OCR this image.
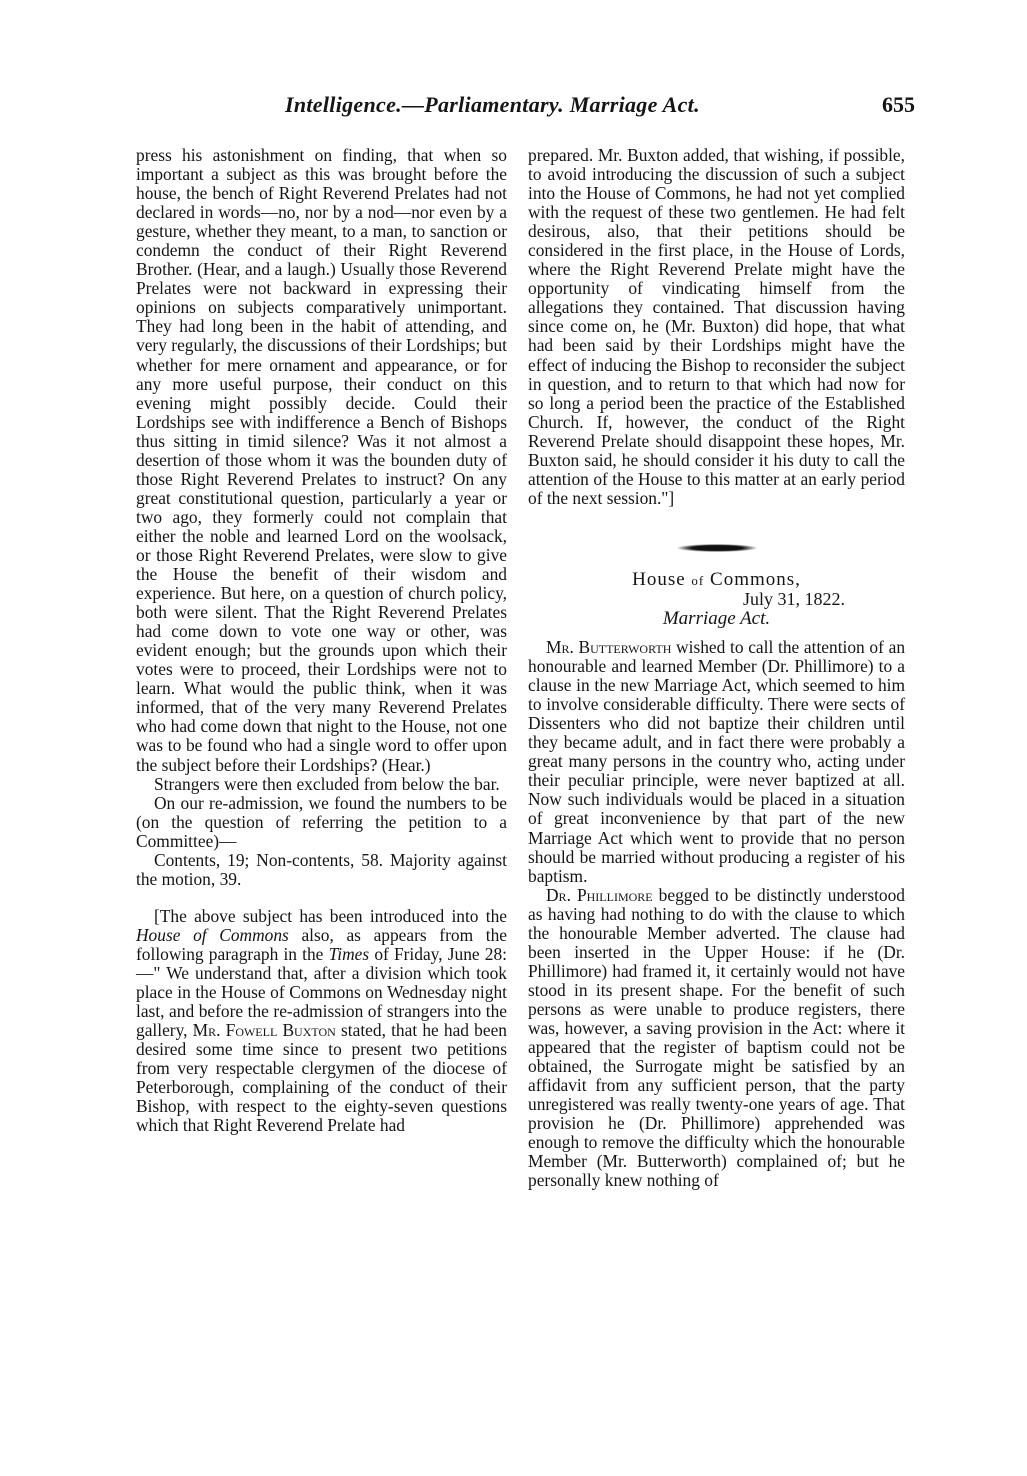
Intelligence.—Parliamentary. Marriage Act.	655

press his astonishment on finding, that when so important a subject as this was brought before the house, the bench of Right Reverend Prelates had not declared in words—no, nor by a nod—nor even by a gesture, whether they meant, to a man, to sanction or condemn the conduct of their Right Reverend Brother. (Hear, and a laugh.) Usually those Reverend Prelates were not backward in expressing their opinions on subjects comparatively unimportant. They had long been in the habit of attending, and very regularly, the discussions of their Lordships; but whether for mere ornament and appearance, or for any more useful purpose, their conduct on this evening might possibly decide. Could their Lordships see with indifference a Bench of Bishops thus sitting in timid silence? Was it not almost a desertion of those whom it was the bounden duty of those Right Reverend Prelates to instruct? On any great constitutional question, particularly a year or two ago, they formerly could not complain that either the noble and learned Lord on the woolsack, or those Right Reverend Prelates, were slow to give the House the benefit of their wisdom and experience. But here, on a question of church policy, both were silent. That the Right Reverend Prelates had come down to vote one way or other, was evident enough; but the grounds upon which their votes were to proceed, their Lordships were not to learn. What would the public think, when it was informed, that of the very many Reverend Prelates who had come down that night to the House, not one was to be found who had a single word to offer upon the subject before their Lordships? (Hear.)

Strangers were then excluded from below the bar.

On our re-admission, we found the numbers to be (on the question of referring the petition to a Committee)—

Contents, 19; Non-contents, 58. Majority against the motion, 39.

[The above subject has been introduced into the House of Commons also, as appears from the following paragraph in the Times of Friday, June 28:—" We understand that, after a division which took place in the House of Commons on Wednesday night last, and before the re-admission of strangers into the gallery, Mr. Fowell Buxton stated, that he had been desired some time since to present two petitions from very respectable clergymen of the diocese of Peterborough, complaining of the conduct of their Bishop, with respect to the eighty-seven questions which that Right Reverend Prelate had

prepared. Mr. Buxton added, that wishing, if possible, to avoid introducing the discussion of such a subject into the House of Commons, he had not yet complied with the request of these two gentlemen. He had felt desirous, also, that their petitions should be considered in the first place, in the House of Lords, where the Right Reverend Prelate might have the opportunity of vindicating himself from the allegations they contained. That discussion having since come on, he (Mr. Buxton) did hope, that what had been said by their Lordships might have the effect of inducing the Bishop to reconsider the subject in question, and to return to that which had now for so long a period been the practice of the Established Church. If, however, the conduct of the Right Reverend Prelate should disappoint these hopes, Mr. Buxton said, he should consider it his duty to call the attention of the House to this matter at an early period of the next session."]

House of Commons,
July 31, 1822.
Marriage Act.

Mr. Butterworth wished to call the attention of an honourable and learned Member (Dr. Phillimore) to a clause in the new Marriage Act, which seemed to him to involve considerable difficulty. There were sects of Dissenters who did not baptize their children until they became adult, and in fact there were probably a great many persons in the country who, acting under their peculiar principle, were never baptized at all. Now such individuals would be placed in a situation of great inconvenience by that part of the new Marriage Act which went to provide that no person should be married without producing a register of his baptism.

Dr. Phillimore begged to be distinctly understood as having had nothing to do with the clause to which the honourable Member adverted. The clause had been inserted in the Upper House: if he (Dr. Phillimore) had framed it, it certainly would not have stood in its present shape. For the benefit of such persons as were unable to produce registers, there was, however, a saving provision in the Act: where it appeared that the register of baptism could not be obtained, the Surrogate might be satisfied by an affidavit from any sufficient person, that the party unregistered was really twenty-one years of age. That provision he (Dr. Phillimore) apprehended was enough to remove the difficulty which the honourable Member (Mr. Butterworth) complained of; but he personally knew nothing of
